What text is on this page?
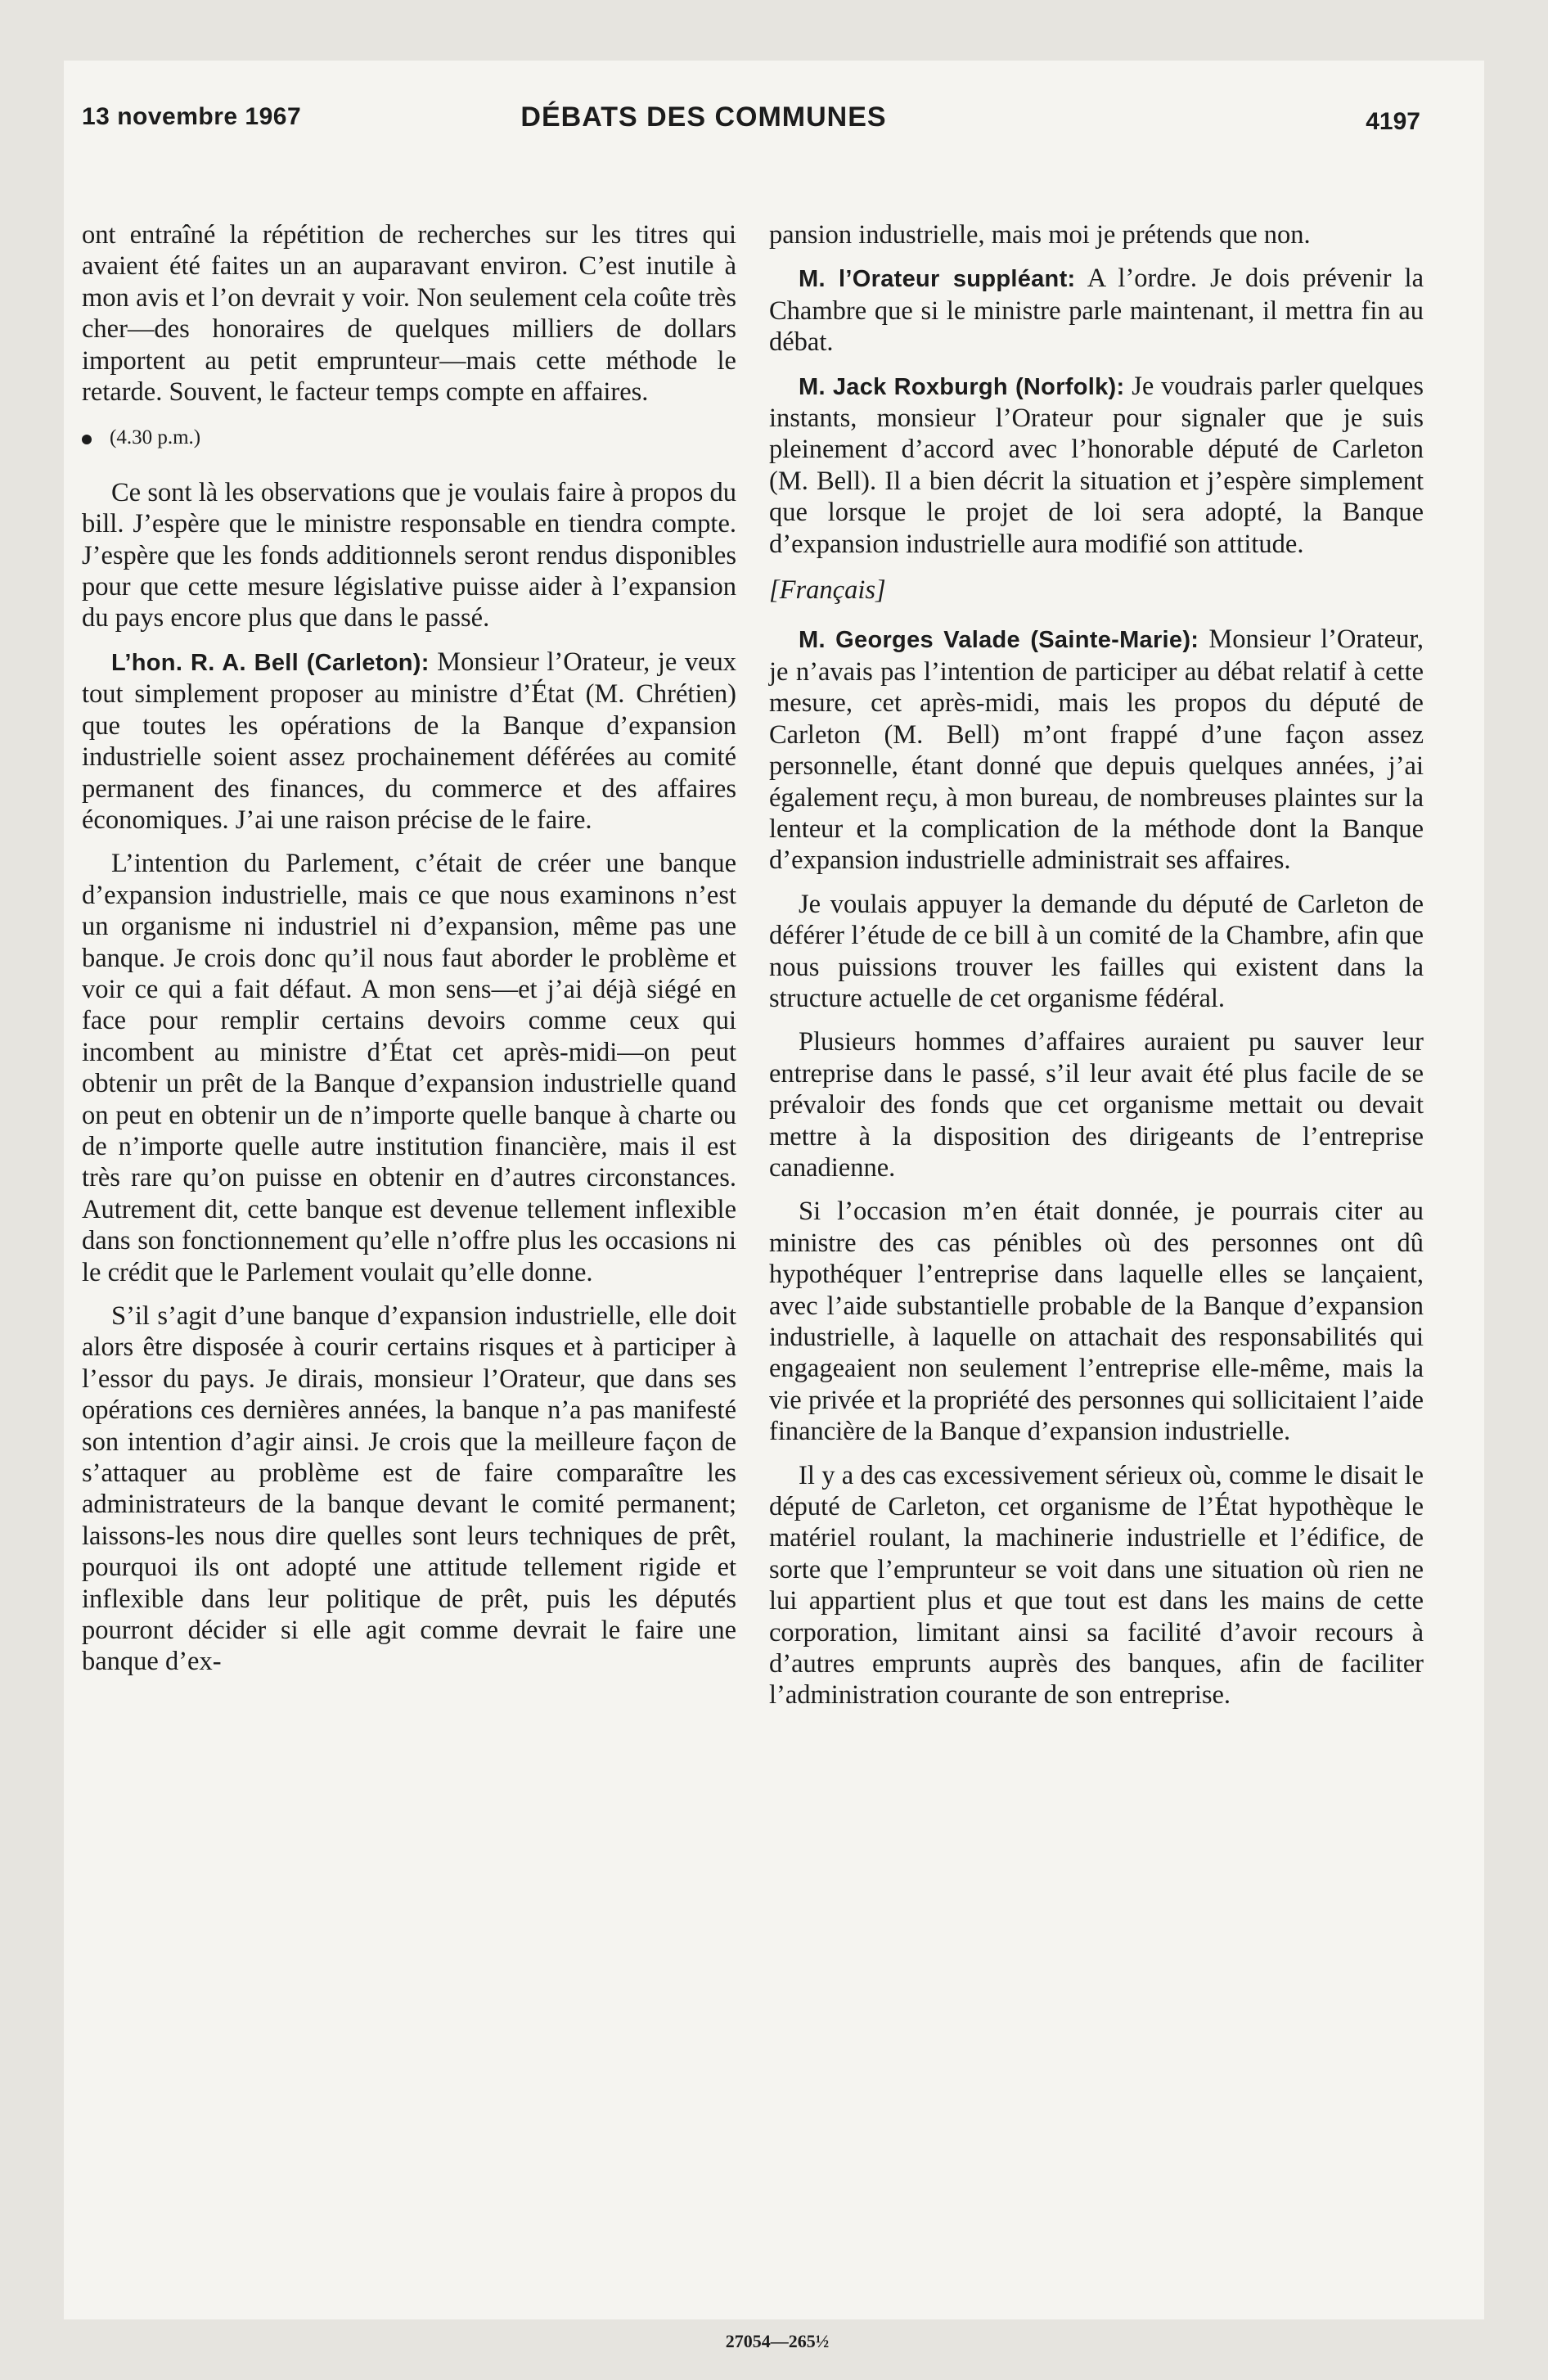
13 novembre 1967	DÉBATS DES COMMUNES	4197

ont entraîné la répétition de recherches sur les titres qui avaient été faites un an auparavant environ. C’est inutile à mon avis et l’on devrait y voir. Non seulement cela coûte très cher—des honoraires de quelques milliers de dollars importent au petit emprunteur—mais cette méthode le retarde. Souvent, le facteur temps compte en affaires.

(4.30 p.m.)

Ce sont là les observations que je voulais faire à propos du bill. J’espère que le ministre responsable en tiendra compte. J’espère que les fonds additionnels seront rendus disponibles pour que cette mesure législative puisse aider à l’expansion du pays encore plus que dans le passé.

L’hon. R. A. Bell (Carleton): Monsieur l’Orateur, je veux tout simplement proposer au ministre d’État (M. Chrétien) que toutes les opérations de la Banque d’expansion industrielle soient assez prochainement déférées au comité permanent des finances, du commerce et des affaires économiques. J’ai une raison précise de le faire.

L’intention du Parlement, c’était de créer une banque d’expansion industrielle, mais ce que nous examinons n’est un organisme ni industriel ni d’expansion, même pas une banque. Je crois donc qu’il nous faut aborder le problème et voir ce qui a fait défaut. A mon sens—et j’ai déjà siégé en face pour remplir certains devoirs comme ceux qui incombent au ministre d’État cet après-midi—on peut obtenir un prêt de la Banque d’expansion industrielle quand on peut en obtenir un de n’importe quelle banque à charte ou de n’importe quelle autre institution financière, mais il est très rare qu’on puisse en obtenir en d’autres circonstances. Autrement dit, cette banque est devenue tellement inflexible dans son fonctionnement qu’elle n’offre plus les occasions ni le crédit que le Parlement voulait qu’elle donne.

S’il s’agit d’une banque d’expansion industrielle, elle doit alors être disposée à courir certains risques et à participer à l’essor du pays. Je dirais, monsieur l’Orateur, que dans ses opérations ces dernières années, la banque n’a pas manifesté son intention d’agir ainsi. Je crois que la meilleure façon de s’attaquer au problème est de faire comparaître les administrateurs de la banque devant le comité permanent; laissons-les nous dire quelles sont leurs techniques de prêt, pourquoi ils ont adopté une attitude tellement rigide et inflexible dans leur politique de prêt, puis les députés pourront décider si elle agit comme devrait le faire une banque d’ex-

pansion industrielle, mais moi je prétends que non.

M. l’Orateur suppléant: A l’ordre. Je dois prévenir la Chambre que si le ministre parle maintenant, il mettra fin au débat.

M. Jack Roxburgh (Norfolk): Je voudrais parler quelques instants, monsieur l’Orateur pour signaler que je suis pleinement d’accord avec l’honorable député de Carleton (M. Bell). Il a bien décrit la situation et j’espère simplement que lorsque le projet de loi sera adopté, la Banque d’expansion industrielle aura modifié son attitude.

[Français]

M. Georges Valade (Sainte-Marie): Monsieur l’Orateur, je n’avais pas l’intention de participer au débat relatif à cette mesure, cet après-midi, mais les propos du député de Carleton (M. Bell) m’ont frappé d’une façon assez personnelle, étant donné que depuis quelques années, j’ai également reçu, à mon bureau, de nombreuses plaintes sur la lenteur et la complication de la méthode dont la Banque d’expansion industrielle administrait ses affaires.

Je voulais appuyer la demande du député de Carleton de déférer l’étude de ce bill à un comité de la Chambre, afin que nous puissions trouver les failles qui existent dans la structure actuelle de cet organisme fédéral.

Plusieurs hommes d’affaires auraient pu sauver leur entreprise dans le passé, s’il leur avait été plus facile de se prévaloir des fonds que cet organisme mettait ou devait mettre à la disposition des dirigeants de l’entreprise canadienne.

Si l’occasion m’en était donnée, je pourrais citer au ministre des cas pénibles où des personnes ont dû hypothéquer l’entreprise dans laquelle elles se lançaient, avec l’aide substantielle probable de la Banque d’expansion industrielle, à laquelle on attachait des responsabilités qui engageaient non seulement l’entreprise elle-même, mais la vie privée et la propriété des personnes qui sollicitaient l’aide financière de la Banque d’expansion industrielle.

Il y a des cas excessivement sérieux où, comme le disait le député de Carleton, cet organisme de l’État hypothèque le matériel roulant, la machinerie industrielle et l’édifice, de sorte que l’emprunteur se voit dans une situation où rien ne lui appartient plus et que tout est dans les mains de cette corporation, limitant ainsi sa facilité d’avoir recours à d’autres emprunts auprès des banques, afin de faciliter l’administration courante de son entreprise.

27054—265½
